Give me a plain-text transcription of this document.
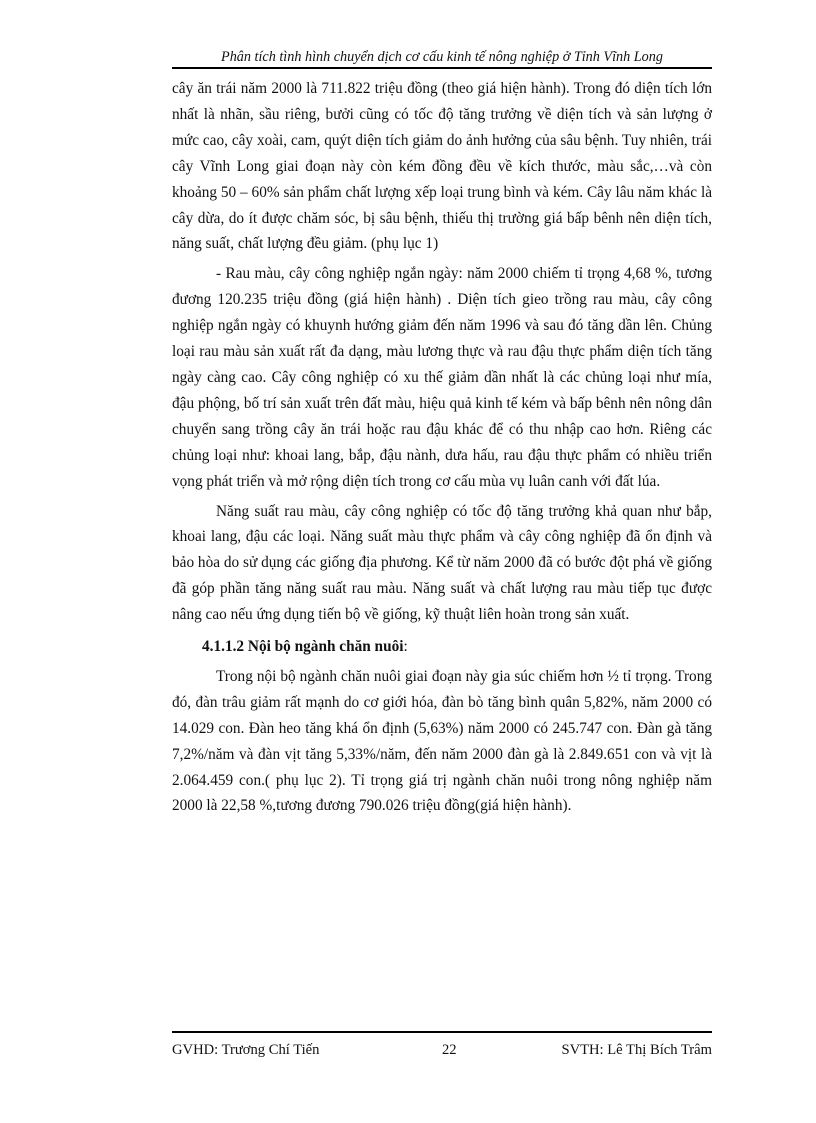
Phân tích tình hình chuyển dịch cơ cấu kinh tế nông nghiệp ở Tỉnh Vĩnh Long

cây ăn trái năm 2000 là 711.822 triệu đồng (theo giá hiện hành). Trong đó diện tích lớn nhất là nhãn, sầu riêng, bưởi cũng có tốc độ tăng trưởng về diện tích và sản lượng ở mức cao, cây xoài, cam, quýt diện tích giảm do ảnh hưởng của sâu bệnh. Tuy nhiên, trái cây Vĩnh Long giai đoạn này còn kém đồng đều về kích thước, màu sắc,…và còn khoảng 50 – 60% sản phẩm chất lượng xếp loại trung bình và kém. Cây lâu năm khác là cây dừa, do ít được chăm sóc, bị sâu bệnh, thiếu thị trường giá bấp bênh nên diện tích, năng suất, chất lượng đều giảm. (phụ lục 1)

- Rau màu, cây công nghiệp ngắn ngày: năm 2000 chiếm tỉ trọng 4,68 %, tương đương 120.235 triệu đồng (giá hiện hành) . Diện tích gieo trồng rau màu, cây công nghiệp ngắn ngày có khuynh hướng giảm đến năm 1996 và sau đó tăng dần lên. Chủng loại rau màu sản xuất rất đa dạng, màu lương thực và rau đậu thực phẩm diện tích tăng ngày càng cao. Cây công nghiệp có xu thế giảm dần nhất là các chủng loại như mía, đậu phộng, bố trí sản xuất trên đất màu, hiệu quả kinh tế kém và bấp bênh nên nông dân chuyển sang trồng cây ăn trái hoặc rau đậu khác để có thu nhập cao hơn. Riêng các chủng loại như: khoai lang, bắp, đậu nành, dưa hấu, rau đậu thực phẩm có nhiều triển vọng phát triển và mở rộng diện tích trong cơ cấu mùa vụ luân canh với đất lúa.

Năng suất rau màu, cây công nghiệp có tốc độ tăng trưởng khả quan như bắp, khoai lang, đậu các loại. Năng suất màu thực phẩm và cây công nghiệp đã ổn định và bảo hòa do sử dụng các giống địa phương. Kể từ năm 2000 đã có bước đột phá về giống đã góp phần tăng năng suất rau màu. Năng suất và chất lượng rau màu tiếp tục được nâng cao nếu ứng dụng tiến bộ về giống, kỹ thuật liên hoàn trong sản xuất.

4.1.1.2 Nội bộ ngành chăn nuôi:

Trong nội bộ ngành chăn nuôi giai đoạn này gia súc chiếm hơn ½ tỉ trọng. Trong đó, đàn trâu giảm rất mạnh do cơ giới hóa, đàn bò tăng bình quân 5,82%, năm 2000 có 14.029 con. Đàn heo tăng khá ổn định (5,63%) năm 2000 có 245.747 con. Đàn gà tăng 7,2%/năm và đàn vịt tăng 5,33%/năm, đến năm 2000 đàn gà là 2.849.651 con và vịt là 2.064.459 con.( phụ lục 2). Tỉ trọng giá trị ngành chăn nuôi trong nông nghiệp năm 2000 là 22,58 %,tương đương 790.026 triệu đồng(giá hiện hành).

GVHD: Trương Chí Tiến	22	SVTH: Lê Thị Bích Trâm
